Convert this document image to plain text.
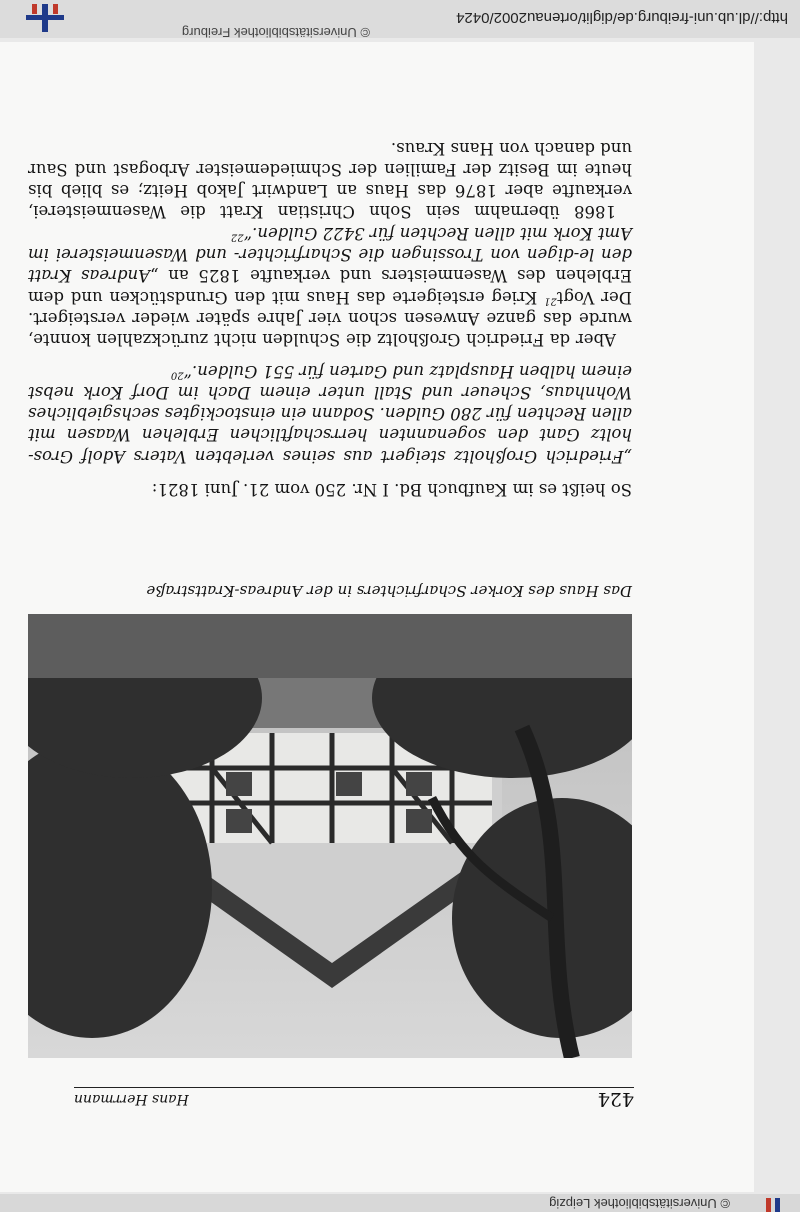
© Universitätsbibliothek Leipzig
424
Hans Herrmann
Das Haus des Korker Scharfrichters in der Andreas-Krattstraße

So heißt es im Kaufbuch Bd. I Nr. 250 vom 21. Juni 1821:

„Friedrich Großholtz steigert aus seines verlebten Vaters Adolf Gros-holtz Gant den sogenannten herrschaftlichen Erblehen Waasen mit allen Rechten für 280 Gulden. Sodann ein einstockigtes sechsgiebliches Wohnhaus, Scheuer und Stall unter einem Dach im Dorf Kork nebst einem halben Hausplatz und Garten für 551 Gulden.“$^{20}$

Aber da Friedrich Großholtz die Schulden nicht zurückzahlen konnte, wurde das ganze Anwesen schon vier Jahre später wieder versteigert. Der Vogt$^{21}$ Krieg ersteigerte das Haus mit den Grundstücken und dem Erblehen des Wasenmeisters und verkaufte 1825 an „Andreas Kratt den le-digen von Trossingen die Scharfrichter- und Wasenmeisterei im Amt Kork mit allen Rechten für 3422 Gulden.“$^{22}$

1868 übernahm sein Sohn Christian Kratt die Wasenmeisterei, verkaufte aber 1876 das Haus an Landwirt Jakob Heitz; es blieb bis heute im Besitz der Familien der Schmiedemeister Arbogast und Saur und danach von Hans Kraus.

© Universitätsbibliothek Freiburg
http://dl.ub.uni-freiburg.de/diglit/ortenau2002/0424
